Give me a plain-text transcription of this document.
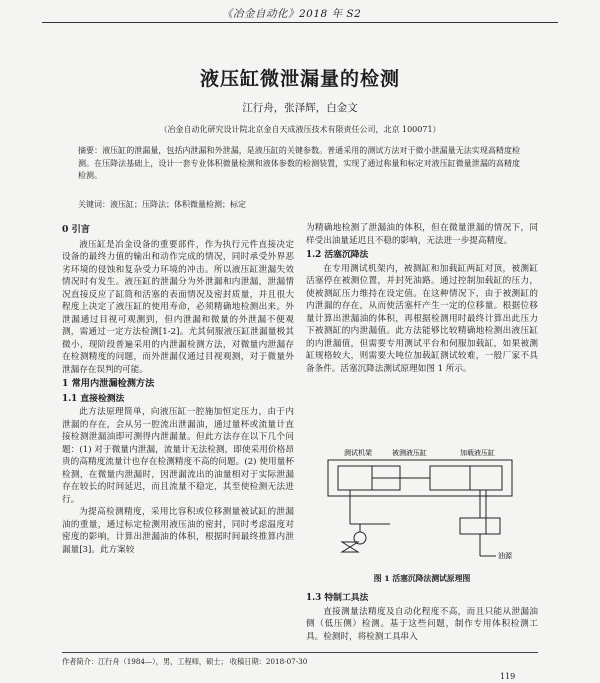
《冶金自动化》2018 年 S2
液压缸微泄漏量的检测
江行舟，张泽辉，白金文
（冶金自动化研究设计院北京金自天成液压技术有限责任公司，北京 100071）
摘要：液压缸的泄漏量，包括内泄漏和外泄漏，是液压缸的关键参数。普通采用的测试方法对于微小泄漏量无法实现高精度检测。在压降法基础上，设计一套专业体积微量检测和液体参数的检测装置，实现了通过称量和标定对液压缸微量泄漏的高精度检测。
关键词：液压缸；压降法；体积微量检测；标定
0 引言

液压缸是冶金设备的重要部件，作为执行元件直接决定设备的最终力值的输出和动作完成的情况，同时承受外界恶劣环境的侵蚀和复杂受力环境的冲击。所以液压缸泄漏失效情况时有发生。液压缸的泄漏分为外泄漏和内泄漏，泄漏情况直接反应了缸筒和活塞的表面情况及密封质量，并且很大程度上决定了液压缸的使用寿命，必须精确地检测出来。外泄漏通过目视可观测到，但内泄漏和微量的外泄漏不便观测，需通过一定方法检测[1-2]。尤其伺服液压缸泄漏量极其微小，现阶段普遍采用的内泄漏检测方法，对微量内泄漏存在检测精度的问题，而外泄漏仅通过目视观测，对于微量外泄漏存在误判的可能。

1 常用内泄漏检测方法
1.1 直接检测法

此方法原理简单，向液压缸一腔施加恒定压力，由于内泄漏的存在，会从另一腔流出泄漏油，通过量杯或流量计直接检测泄漏油即可测得内泄漏量。但此方法存在以下几个问题：(1) 对于微量内泄漏，流量计无法检测，即使采用价格昂贵的高精度流量计也存在检测精度不高的问题。(2) 使用量杯检测，在微量内泄漏时，因泄漏流出的油量相对于实际泄漏存在较长的时间延迟，而且流量不稳定，其至使检测无法进行。

为提高检测精度，采用比容积或位移测量被试缸的泄漏油的重量，通过标定检测用液压油的密封，同时考虑温度对密度的影响，计算出泄漏油的体积，根据时间最终推算内泄漏量[3]。此方案较

为精确地检测了泄漏油的体积，但在微量泄漏的情况下，同样受出油量延迟且不稳的影响，无法进一步提高精度。

1.2 活塞沉降法

在专用测试机架内，被测缸和加载缸两缸对顶，被测缸活塞停在被测位置，并封死油路。通过控制加载缸的压力，使被测缸压力维持在设定值。在这种情况下，由于被测缸的内泄漏的存在，从而使活塞杆产生一定的位移量。根据位移量计算出泄漏油的体积，再根据检测用时最终计算出此压力下被测缸的内泄漏值。此方法能够比较精确地检测出液压缸的内泄漏值，但需要专用测试平台和伺服加载缸，如果被测缸规格较大，则需要大吨位加载缸测试较难，一般厂家不具备条件。活塞沉降法测试原理如图 1 所示。

测试机架	被测液压缸	加载液压缸
油源
图 1 活塞沉降法测试原理图
1.3 特制工具法

直接测量法精度及自动化程度不高，而且只能从泄漏油侧（低压侧）检测。基于这些问题，制作专用体积检测工具。检测时，将检测工具串入

作者简介：江行舟（1984—），男，工程师，硕士； 收稿日期：2018-07-30
119
